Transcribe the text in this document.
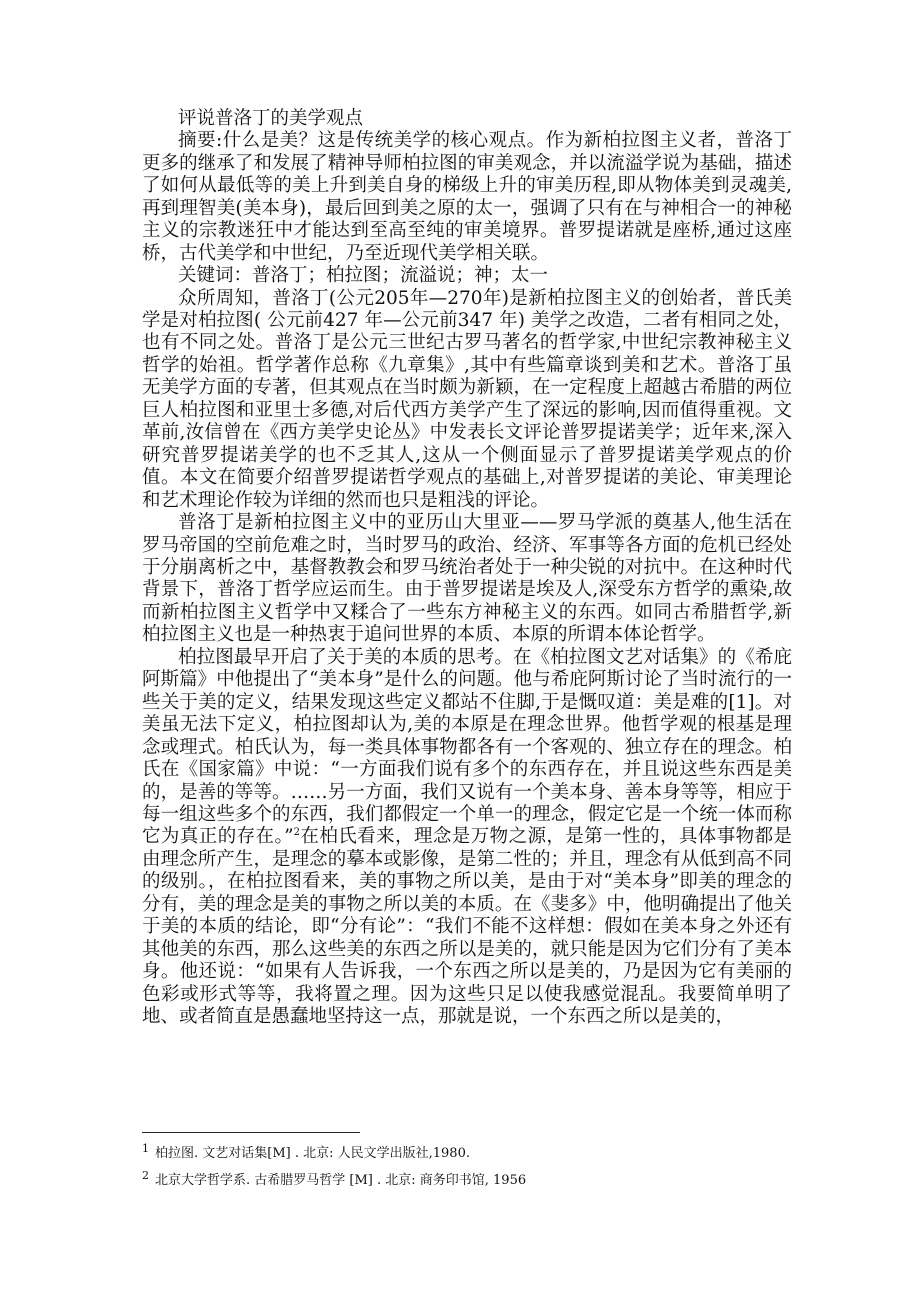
评说普洛丁的美学观点

摘要:什么是美？这是传统美学的核心观点。作为新柏拉图主义者，普洛丁更多的继承了和发展了精神导师柏拉图的审美观念，并以流溢学说为基础，描述了如何从最低等的美上升到美自身的梯级上升的审美历程,即从物体美到灵魂美,再到理智美(美本身)，最后回到美之原的太一，强调了只有在与神相合一的神秘主义的宗教迷狂中才能达到至高至纯的审美境界。普罗提诺就是座桥,通过这座桥，古代美学和中世纪，乃至近现代美学相关联。

关键词：普洛丁；柏拉图；流溢说；神；太一

众所周知，普洛丁(公元205年—270年)是新柏拉图主义的创始者，普氏美学是对柏拉图( 公元前427 年—公元前347 年) 美学之改造，二者有相同之处，也有不同之处。普洛丁是公元三世纪古罗马著名的哲学家,中世纪宗教神秘主义哲学的始祖。哲学著作总称《九章集》,其中有些篇章谈到美和艺术。普洛丁虽无美学方面的专著，但其观点在当时颇为新颖，在一定程度上超越古希腊的两位巨人柏拉图和亚里士多德,对后代西方美学产生了深远的影响,因而值得重视。文革前,汝信曾在《西方美学史论丛》中发表长文评论普罗提诺美学；近年来,深入研究普罗提诺美学的也不乏其人,这从一个侧面显示了普罗提诺美学观点的价值。本文在简要介绍普罗提诺哲学观点的基础上,对普罗提诺的美论、审美理论和艺术理论作较为详细的然而也只是粗浅的评论。

普洛丁是新柏拉图主义中的亚历山大里亚——罗马学派的奠基人,他生活在罗马帝国的空前危难之时，当时罗马的政治、经济、军事等各方面的危机已经处于分崩离析之中，基督教教会和罗马统治者处于一种尖锐的对抗中。在这种时代背景下，普洛丁哲学应运而生。由于普罗提诺是埃及人,深受东方哲学的熏染,故而新柏拉图主义哲学中又糅合了一些东方神秘主义的东西。如同古希腊哲学,新柏拉图主义也是一种热衷于追问世界的本质、本原的所谓本体论哲学。

柏拉图最早开启了关于美的本质的思考。在《柏拉图文艺对话集》的《希庇阿斯篇》中他提出了“美本身”是什么的问题。他与希庇阿斯讨论了当时流行的一些关于美的定义，结果发现这些定义都站不住脚,于是慨叹道：美是难的[1]。对美虽无法下定义，柏拉图却认为,美的本原是在理念世界。他哲学观的根基是理念或理式。柏氏认为，每一类具体事物都各有一个客观的、独立存在的理念。柏氏在《国家篇》中说：“一方面我们说有多个的东西存在，并且说这些东西是美的，是善的等等。……另一方面，我们又说有一个美本身、善本身等等，相应于每一组这些多个的东西，我们都假定一个单一的理念，假定它是一个统一体而称它为真正的存在。”$^2$在柏氏看来，理念是万物之源，是第一性的，具体事物都是由理念所产生，是理念的摹本或影像，是第二性的；并且，理念有从低到高不同的级别。，在柏拉图看来，美的事物之所以美，是由于对“美本身”即美的理念的分有，美的理念是美的事物之所以美的本质。在《斐多》中，他明确提出了他关于美的本质的结论，即“分有论”：“我们不能不这样想：假如在美本身之外还有其他美的东西，那么这些美的东西之所以是美的，就只能是因为它们分有了美本身。他还说：“如果有人告诉我，一个东西之所以是美的，乃是因为它有美丽的色彩或形式等等，我将置之理。因为这些只足以使我感觉混乱。我要简单明了地、或者简直是愚蠢地坚持这一点，那就是说，一个东西之所以是美的，

$^1$ 柏拉图. 文艺对话集[M] . 北京: 人民文学出版社,1980.

$^2$ 北京大学哲学系. 古希腊罗马哲学 [M] . 北京: 商务印书馆, 1956
